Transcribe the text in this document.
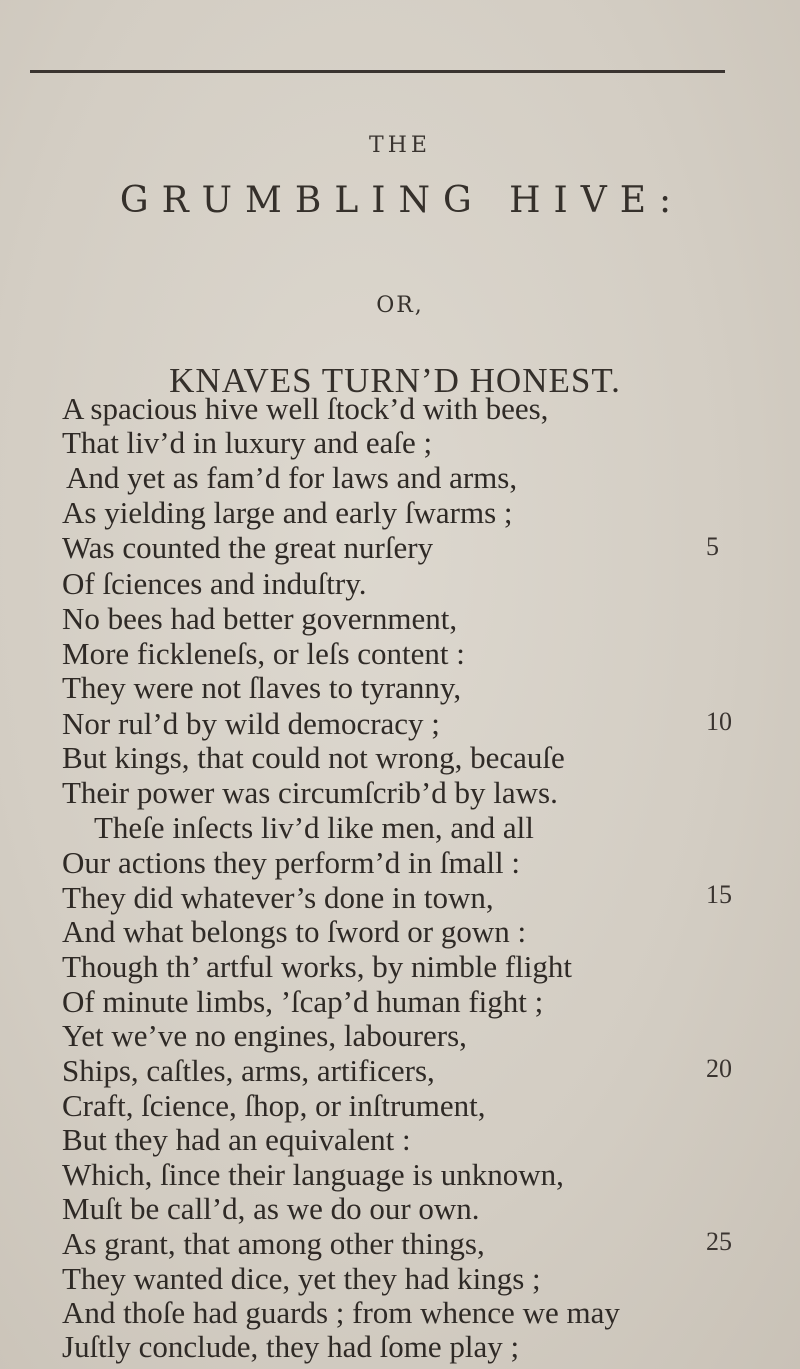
THE
GRUMBLING HIVE:
OR,
KNAVES TURN’D HONEST.
A spacious hive well ſtock’d with bees,
That liv’d in luxury and eaſe ;
And yet as fam’d for laws and arms,
As yielding large and early ſwarms ;
Was counted the great nurſery
Of ſciences and induſtry.
No bees had better government,
More fickleneſs, or leſs content :
They were not ſlaves to tyranny,
Nor rul’d by wild democracy ;
But kings, that could not wrong, becauſe
Their power was circumſcrib’d by laws.
Theſe inſects liv’d like men, and all
Our actions they perform’d in ſmall :
They did whatever’s done in town,
And what belongs to ſword or gown :
Though th’ artful works, by nimble flight
Of minute limbs, ’ſcap’d human fight ;
Yet we’ve no engines, labourers,
Ships, caſtles, arms, artificers,
Craft, ſcience, ſhop, or inſtrument,
But they had an equivalent :
Which, ſince their language is unknown,
Muſt be call’d, as we do our own.
As grant, that among other things,
They wanted dice, yet they had kings ;
And thoſe had guards ; from whence we may
Juſtly conclude, they had ſome play ;
5
10
15
20
25
